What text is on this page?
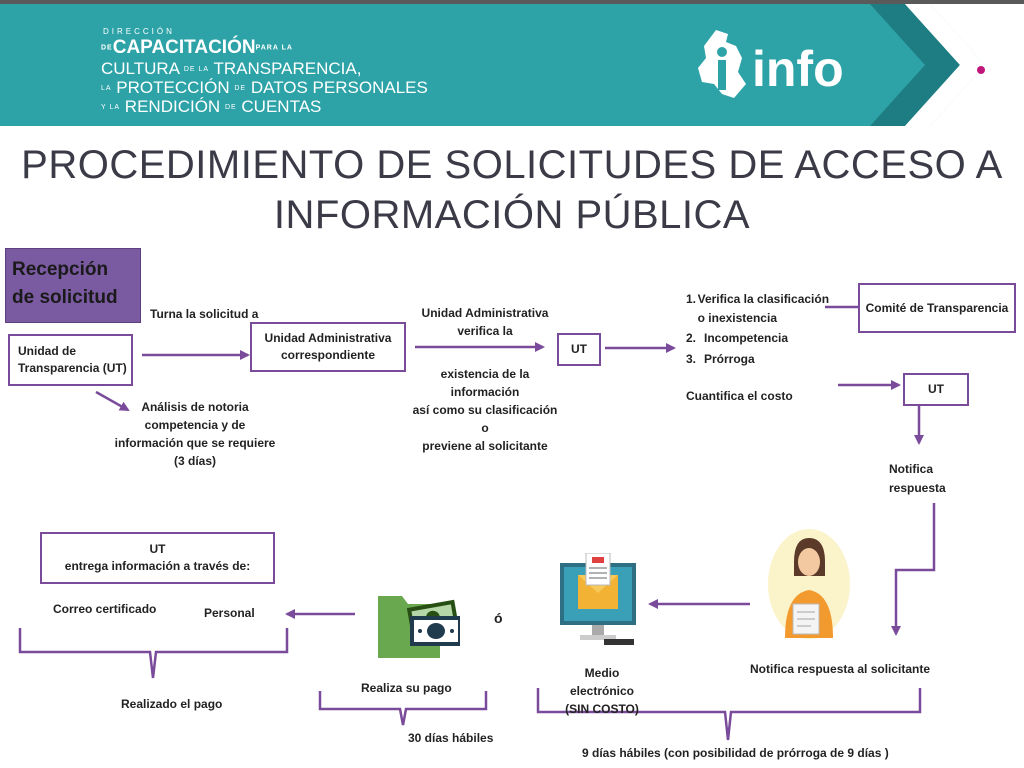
DIRECCIÓN
DECAPACITACIÓNPARA LA
CULTURA DE LA TRANSPARENCIA,
LA PROTECCIÓN DE DATOS PERSONALES
Y LA RENDICIÓN DE CUENTAS
info
PROCEDIMIENTO DE SOLICITUDES DE ACCESO A
INFORMACIÓN PÚBLICA
Recepción de solicitud
Unidad de Transparencia (UT)
Turna la solicitud a
Análisis de notoria
competencia y de
información que se requiere
(3 días)
Unidad Administrativa correspondiente
Unidad Administrativa
verifica la
existencia de la información
así como su clasificación o
previene al solicitante
UT
1. Verifica la clasificación o inexistencia
2. Incompetencia
3. Prórroga
Comité de Transparencia
Cuantifica el costo	UT
Notifica
respuesta
Notifica respuesta al solicitante
Medio electrónico
(SIN COSTO)
ó
Realiza su pago
UT
entrega información a través de:
Correo certificado	Personal
Realizado el pago
30 días hábiles
9 días hábiles (con posibilidad de prórroga de 9 días )
